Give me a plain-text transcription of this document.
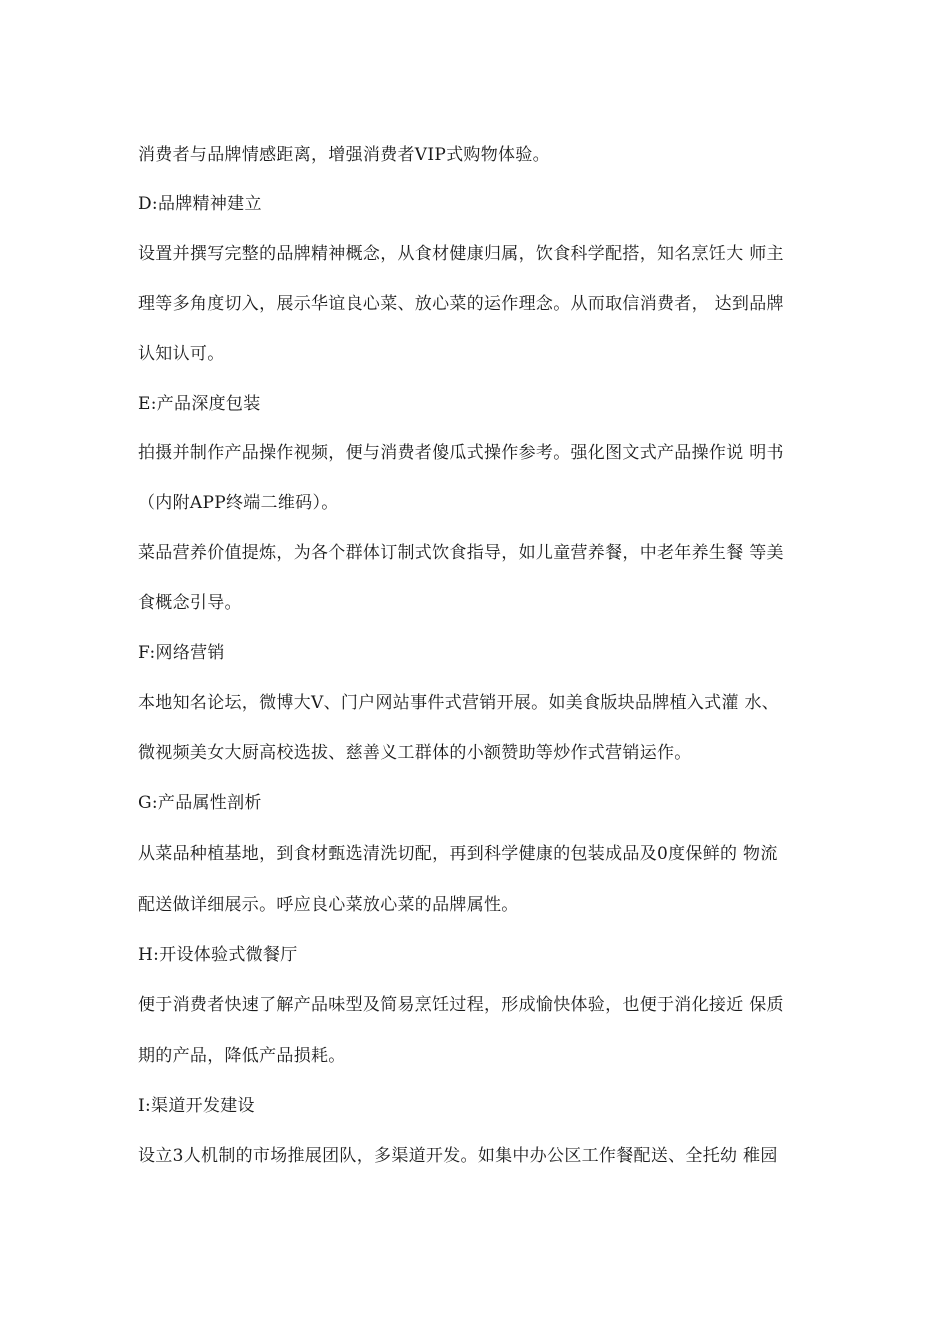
消费者与品牌情感距离，增强消费者VIP式购物体验。
D:品牌精神建立
设置并撰写完整的品牌精神概念，从食材健康归属，饮食科学配搭，知名烹饪大 师主
理等多角度切入，展示华谊良心菜、放心菜的运作理念。从而取信消费者， 达到品牌
认知认可。
E:产品深度包装
拍摄并制作产品操作视频，便与消费者傻瓜式操作参考。强化图文式产品操作说 明书
（内附APP终端二维码）。
菜品营养价值提炼，为各个群体订制式饮食指导，如儿童营养餐，中老年养生餐 等美
食概念引导。
F:网络营销
本地知名论坛，微博大V、门户网站事件式营销开展。如美食版块品牌植入式灌 水、
微视频美女大厨高校选拔、慈善义工群体的小额赞助等炒作式营销运作。
G:产品属性剖析
从菜品种植基地，到食材甄选清洗切配，再到科学健康的包装成品及0度保鲜的 物流
配送做详细展示。呼应良心菜放心菜的品牌属性。
H:开设体验式微餐厅
便于消费者快速了解产品味型及简易烹饪过程，形成愉快体验，也便于消化接近 保质
期的产品，降低产品损耗。
I:渠道开发建设
设立3人机制的市场推展团队，多渠道开发。如集中办公区工作餐配送、全托幼 稚园
